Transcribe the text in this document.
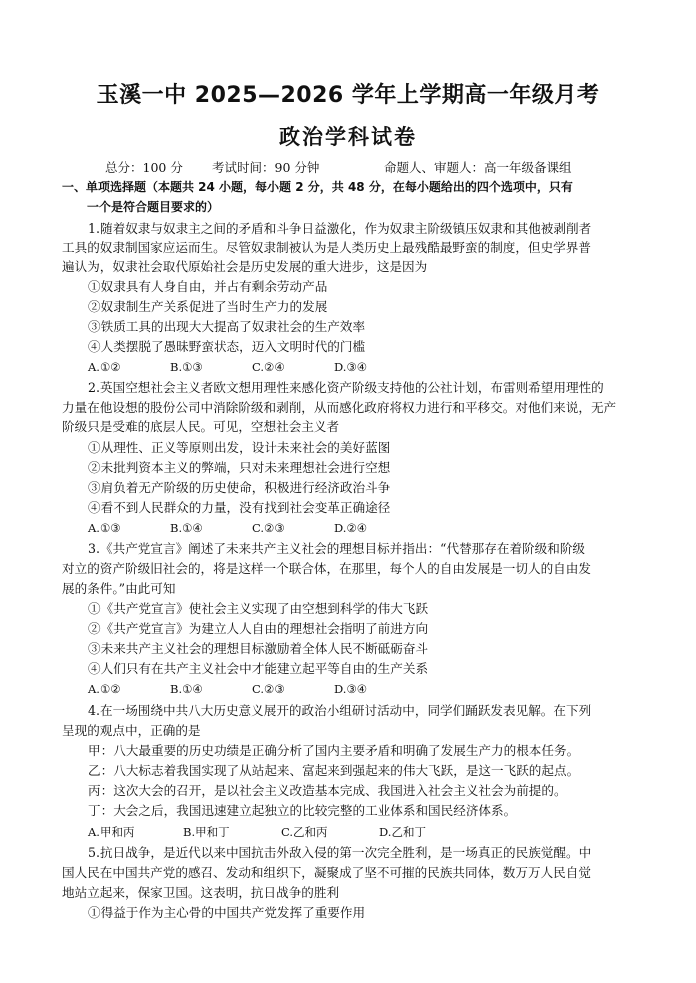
玉溪一中 2025—2026 学年上学期高一年级月考
政治学科试卷
总分：100 分 考试时间：90 分钟	命题人、审题人：高一年级备课组
一、单项选择题（本题共 24 小题，每小题 2 分，共 48 分，在每小题给出的四个选项中，只有
一个是符合题目要求的）
1.随着奴隶与奴隶主之间的矛盾和斗争日益激化，作为奴隶主阶级镇压奴隶和其他被剥削者
工具的奴隶制国家应运而生。尽管奴隶制被认为是人类历史上最残酷最野蛮的制度，但史学界普
遍认为，奴隶社会取代原始社会是历史发展的重大进步，这是因为
①奴隶具有人身自由，并占有剩余劳动产品
②奴隶制生产关系促进了当时生产力的发展
③铁质工具的出现大大提高了奴隶社会的生产效率
④人类摆脱了愚昧野蛮状态，迈入文明时代的门槛
A.①②	B.①③	C.②④	D.③④
2.英国空想社会主义者欧文想用理性来感化资产阶级支持他的公社计划，布雷则希望用理性的
力量在他设想的股份公司中消除阶级和剥削，从而感化政府将权力进行和平移交。对他们来说，无产
阶级只是受难的底层人民。可见，空想社会主义者
①从理性、正义等原则出发，设计未来社会的美好蓝图
②未批判资本主义的弊端，只对未来理想社会进行空想
③肩负着无产阶级的历史使命，积极进行经济政治斗争
④看不到人民群众的力量，没有找到社会变革正确途径
A.①③	B.①④	C.②③	D.②④
3.《共产党宣言》阐述了未来共产主义社会的理想目标并指出：“代替那存在着阶级和阶级
对立的资产阶级旧社会的，将是这样一个联合体，在那里，每个人的自由发展是一切人的自由发
展的条件。”由此可知
①《共产党宣言》使社会主义实现了由空想到科学的伟大飞跃
②《共产党宣言》为建立人人自由的理想社会指明了前进方向
③未来共产主义社会的理想目标激励着全体人民不断砥砺奋斗
④人们只有在共产主义社会中才能建立起平等自由的生产关系
A.①②	B.①④	C.②③	D.③④
4.在一场围绕中共八大历史意义展开的政治小组研讨活动中，同学们踊跃发表见解。在下列
呈现的观点中，正确的是
甲：八大最重要的历史功绩是正确分析了国内主要矛盾和明确了发展生产力的根本任务。
乙：八大标志着我国实现了从站起来、富起来到强起来的伟大飞跃，是这一飞跃的起点。
丙：这次大会的召开，是以社会主义改造基本完成、我国进入社会主义社会为前提的。
丁：大会之后，我国迅速建立起独立的比较完整的工业体系和国民经济体系。
A.甲和丙	B.甲和丁	C.乙和丙	D.乙和丁
5.抗日战争，是近代以来中国抗击外敌入侵的第一次完全胜利，是一场真正的民族觉醒。中
国人民在中国共产党的感召、发动和组织下，凝聚成了坚不可摧的民族共同体，数万万人民自觉
地站立起来，保家卫国。这表明，抗日战争的胜利
①得益于作为主心骨的中国共产党发挥了重要作用
